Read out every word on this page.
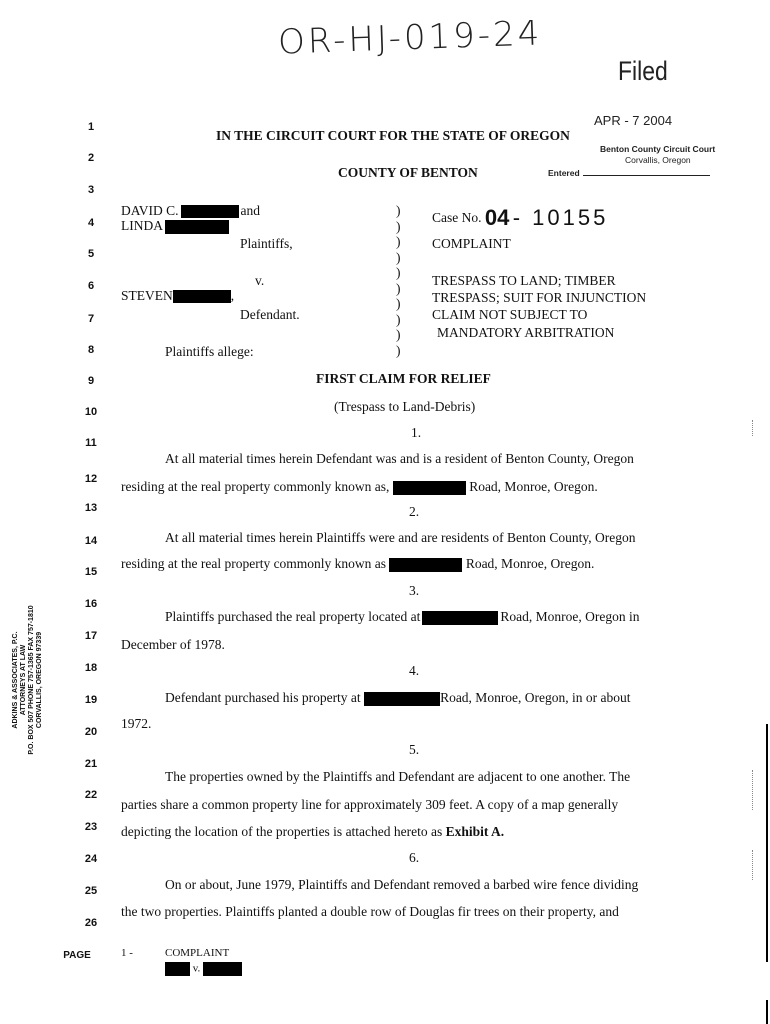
OR-HJ-019-24
Filed
APR - 7 2004
Benton County Circuit Court
Corvallis, Oregon
Entered
1
2
3
4
5
6
7
8
9
10
11
12
13
14
15
16
17
18
19
20
21
22
23
24
25
26
PAGE
IN THE CIRCUIT COURT FOR THE STATE OF OREGON
COUNTY OF BENTON
DAVID C.	and
LINDA
Plaintiffs,
v.
STEVEN	,
Defendant.
)
)
)
)
)
)
)
)
)
)
Case No. 04 - 10155
COMPLAINT
TRESPASS TO LAND; TIMBER
TRESPASS; SUIT FOR INJUNCTION
CLAIM NOT SUBJECT TO
MANDATORY ARBITRATION
Plaintiffs allege:
FIRST CLAIM FOR RELIEF
(Trespass to Land-Debris)
1.
At all material times herein Defendant was and is a resident of Benton County, Oregon
residing at the real property commonly known as,	Road, Monroe, Oregon.
2.
At all material times herein Plaintiffs were and are residents of Benton County, Oregon
residing at the real property commonly known as	Road, Monroe, Oregon.
3.
Plaintiffs purchased the real property located at	Road, Monroe, Oregon in
December of 1978.
4.
Defendant purchased his property at	Road, Monroe, Oregon, in or about
1972.
5.
The properties owned by the Plaintiffs and Defendant are adjacent to one another. The
parties share a common property line for approximately 309 feet. A copy of a map generally
depicting the location of the properties is attached hereto as Exhibit A.
6.
On or about, June 1979, Plaintiffs and Defendant removed a barbed wire fence dividing
the two properties. Plaintiffs planted a double row of Douglas fir trees on their property, and
1 -	COMPLAINT
v.
ADKINS & ASSOCIATES, P.C. ATTORNEYS AT LAW P.O. BOX 507 PHONE 757-1365 FAX 757-1810 CORVALLIS, OREGON 97339
